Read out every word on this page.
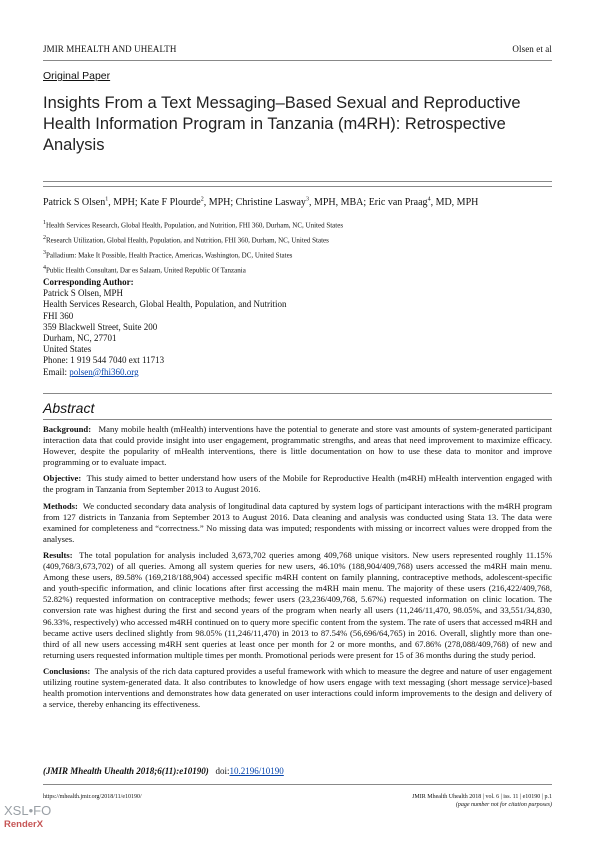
JMIR MHEALTH AND UHEALTH	Olsen et al
Original Paper
Insights From a Text Messaging–Based Sexual and Reproductive Health Information Program in Tanzania (m4RH): Retrospective Analysis
Patrick S Olsen$^1$, MPH; Kate F Plourde$^2$, MPH; Christine Lasway$^3$, MPH, MBA; Eric van Praag$^4$, MD, MPH
$^1$Health Services Research, Global Health, Population, and Nutrition, FHI 360, Durham, NC, United States
$^2$Research Utilization, Global Health, Population, and Nutrition, FHI 360, Durham, NC, United States
$^3$Palladium: Make It Possible, Health Practice, Americas, Washington, DC, United States
$^4$Public Health Consultant, Dar es Salaam, United Republic Of Tanzania
Corresponding Author:
Patrick S Olsen, MPH
Health Services Research, Global Health, Population, and Nutrition
FHI 360
359 Blackwell Street, Suite 200
Durham, NC, 27701
United States
Phone: 1 919 544 7040 ext 11713
Email: polsen@fhi360.org
Abstract

Background: Many mobile health (mHealth) interventions have the potential to generate and store vast amounts of system-generated participant interaction data that could provide insight into user engagement, programmatic strengths, and areas that need improvement to maximize efficacy. However, despite the popularity of mHealth interventions, there is little documentation on how to use these data to monitor and improve programming or to evaluate impact.

Objective: This study aimed to better understand how users of the Mobile for Reproductive Health (m4RH) mHealth intervention engaged with the program in Tanzania from September 2013 to August 2016.

Methods: We conducted secondary data analysis of longitudinal data captured by system logs of participant interactions with the m4RH program from 127 districts in Tanzania from September 2013 to August 2016. Data cleaning and analysis was conducted using Stata 13. The data were examined for completeness and “correctness.” No missing data was imputed; respondents with missing or incorrect values were dropped from the analyses.

Results: The total population for analysis included 3,673,702 queries among 409,768 unique visitors. New users represented roughly 11.15% (409,768/3,673,702) of all queries. Among all system queries for new users, 46.10% (188,904/409,768) users accessed the m4RH main menu. Among these users, 89.58% (169,218/188,904) accessed specific m4RH content on family planning, contraceptive methods, adolescent-specific and youth-specific information, and clinic locations after first accessing the m4RH main menu. The majority of these users (216,422/409,768, 52.82%) requested information on contraceptive methods; fewer users (23,236/409,768, 5.67%) requested information on clinic location. The conversion rate was highest during the first and second years of the program when nearly all users (11,246/11,470, 98.05%, and 33,551/34,830, 96.33%, respectively) who accessed m4RH continued on to query more specific content from the system. The rate of users that accessed m4RH and became active users declined slightly from 98.05% (11,246/11,470) in 2013 to 87.54% (56,696/64,765) in 2016. Overall, slightly more than one-third of all new users accessing m4RH sent queries at least once per month for 2 or more months, and 67.86% (278,088/409,768) of new and returning users requested information multiple times per month. Promotional periods were present for 15 of 36 months during the study period.

Conclusions: The analysis of the rich data captured provides a useful framework with which to measure the degree and nature of user engagement utilizing routine system-generated data. It also contributes to knowledge of how users engage with text messaging (short message service)-based health promotion interventions and demonstrates how data generated on user interactions could inform improvements to the design and delivery of a service, thereby enhancing its effectiveness.

(JMIR Mhealth Uhealth 2018;6(11):e10190) doi:10.2196/10190
https://mhealth.jmir.org/2018/11/e10190/	JMIR Mhealth Uhealth 2018 | vol. 6 | iss. 11 | e10190 | p.1
(page number not for citation purposes)
XSL•FO
RenderX
